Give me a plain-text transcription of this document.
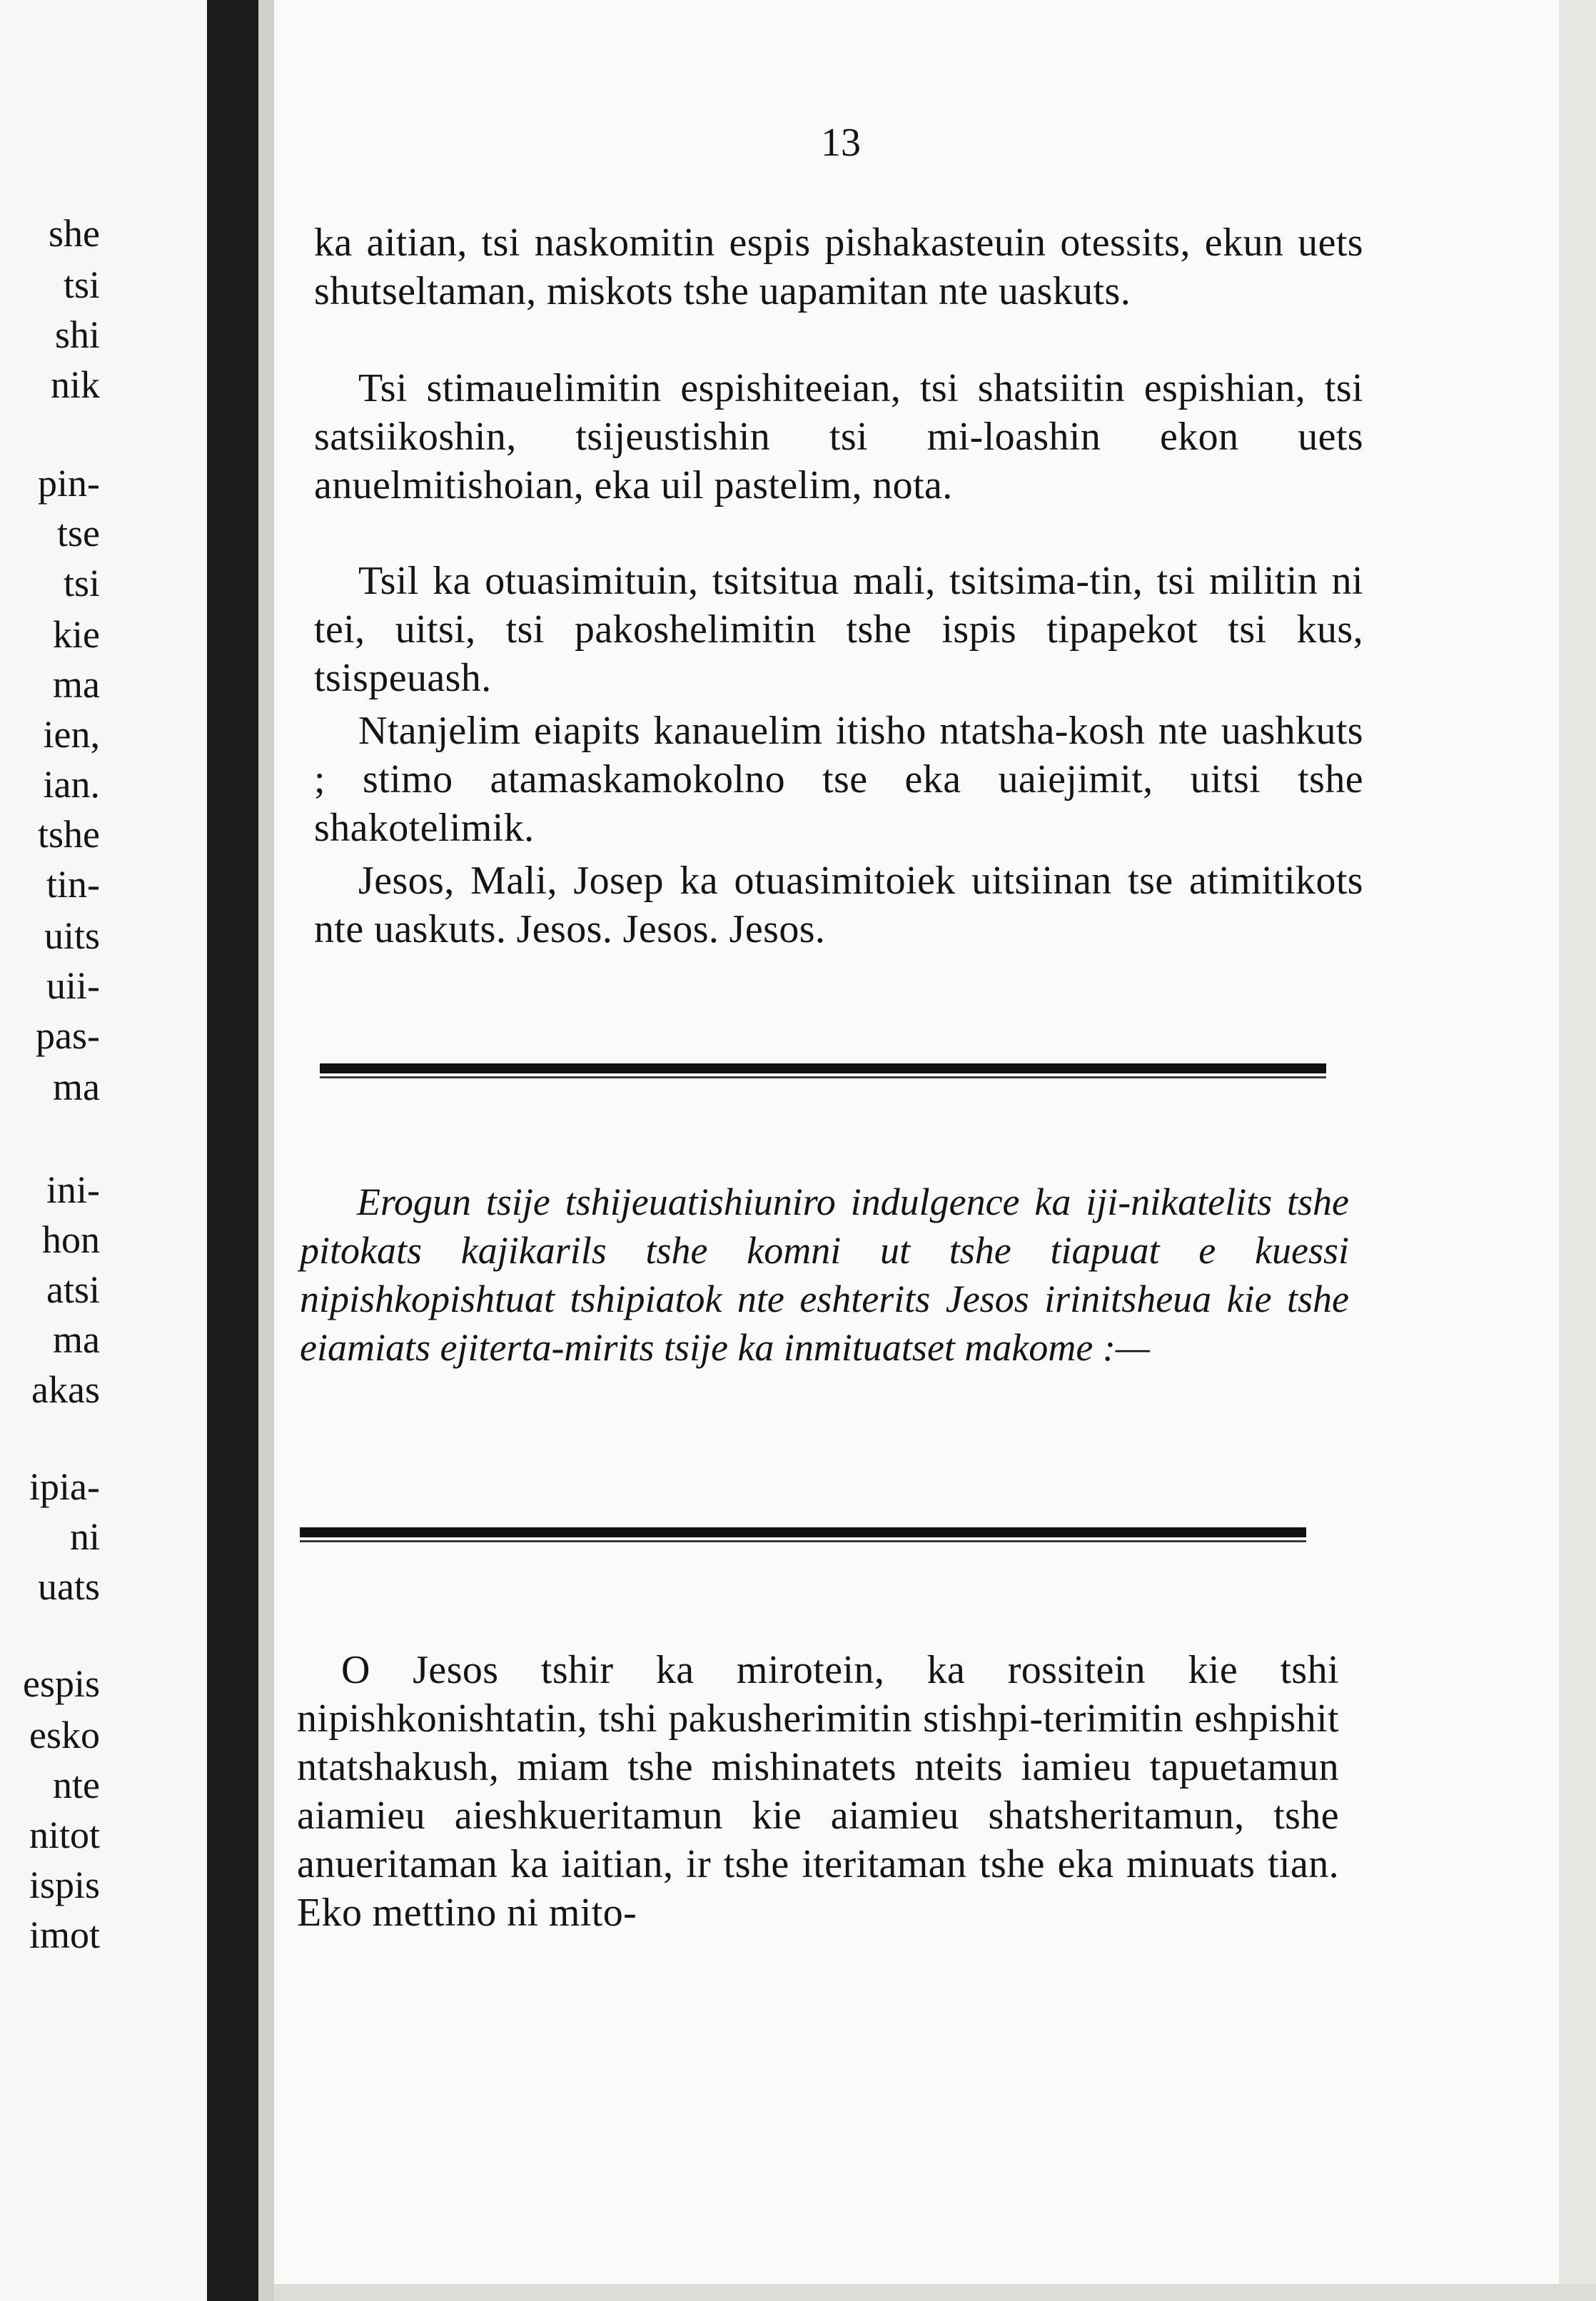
she
tsi
shi
nik
pin-
tse
tsi
kie
ma
ien,
ian.
tshe
tin-
uits
uii-
pas-
ma
ini-
hon
atsi
ma
akas
ipia-
ni
uats
espis
esko
nte
nitot
ispis
imot
13
ka aitian, tsi naskomitin espis pishakasteuin otessits, ekun uets shutseltaman, miskots tshe uapamitan nte uaskuts.
Tsi stimauelimitin espishiteeian, tsi shatsiitin espishian, tsi satsiikoshin, tsijeustishin tsi mi-loashin ekon uets anuelmitishoian, eka uil pastelim, nota.
Tsil ka otuasimituin, tsitsitua mali, tsitsima-tin, tsi militin ni tei, uitsi, tsi pakoshelimitin tshe ispis tipapekot tsi kus, tsispeuash.
Ntanjelim eiapits kanauelim itisho ntatsha-kosh nte uashkuts ; stimo atamaskamokolno tse eka uaiejimit, uitsi tshe shakotelimik.
Jesos, Mali, Josep ka otuasimitoiek uitsiinan tse atimitikots nte uaskuts. Jesos. Jesos. Jesos.
Erogun tsije tshijeuatishiuniro indulgence ka iji-nikatelits tshe pitokats kajikarils tshe komni ut tshe tiapuat e kuessi nipishkopishtuat tshipiatok nte eshterits Jesos irinitsheua kie tshe eiamiats ejiterta-mirits tsije ka inmituatset makome :—
O Jesos tshir ka mirotein, ka rossitein kie tshi nipishkonishtatin, tshi pakusherimitin stishpi-terimitin eshpishit ntatshakush, miam tshe mishinatets nteits iamieu tapuetamun aiamieu aieshkueritamun kie aiamieu shatsheritamun, tshe anueritaman ka iaitian, ir tshe iteritaman tshe eka minuats tian. Eko mettino ni mito-
